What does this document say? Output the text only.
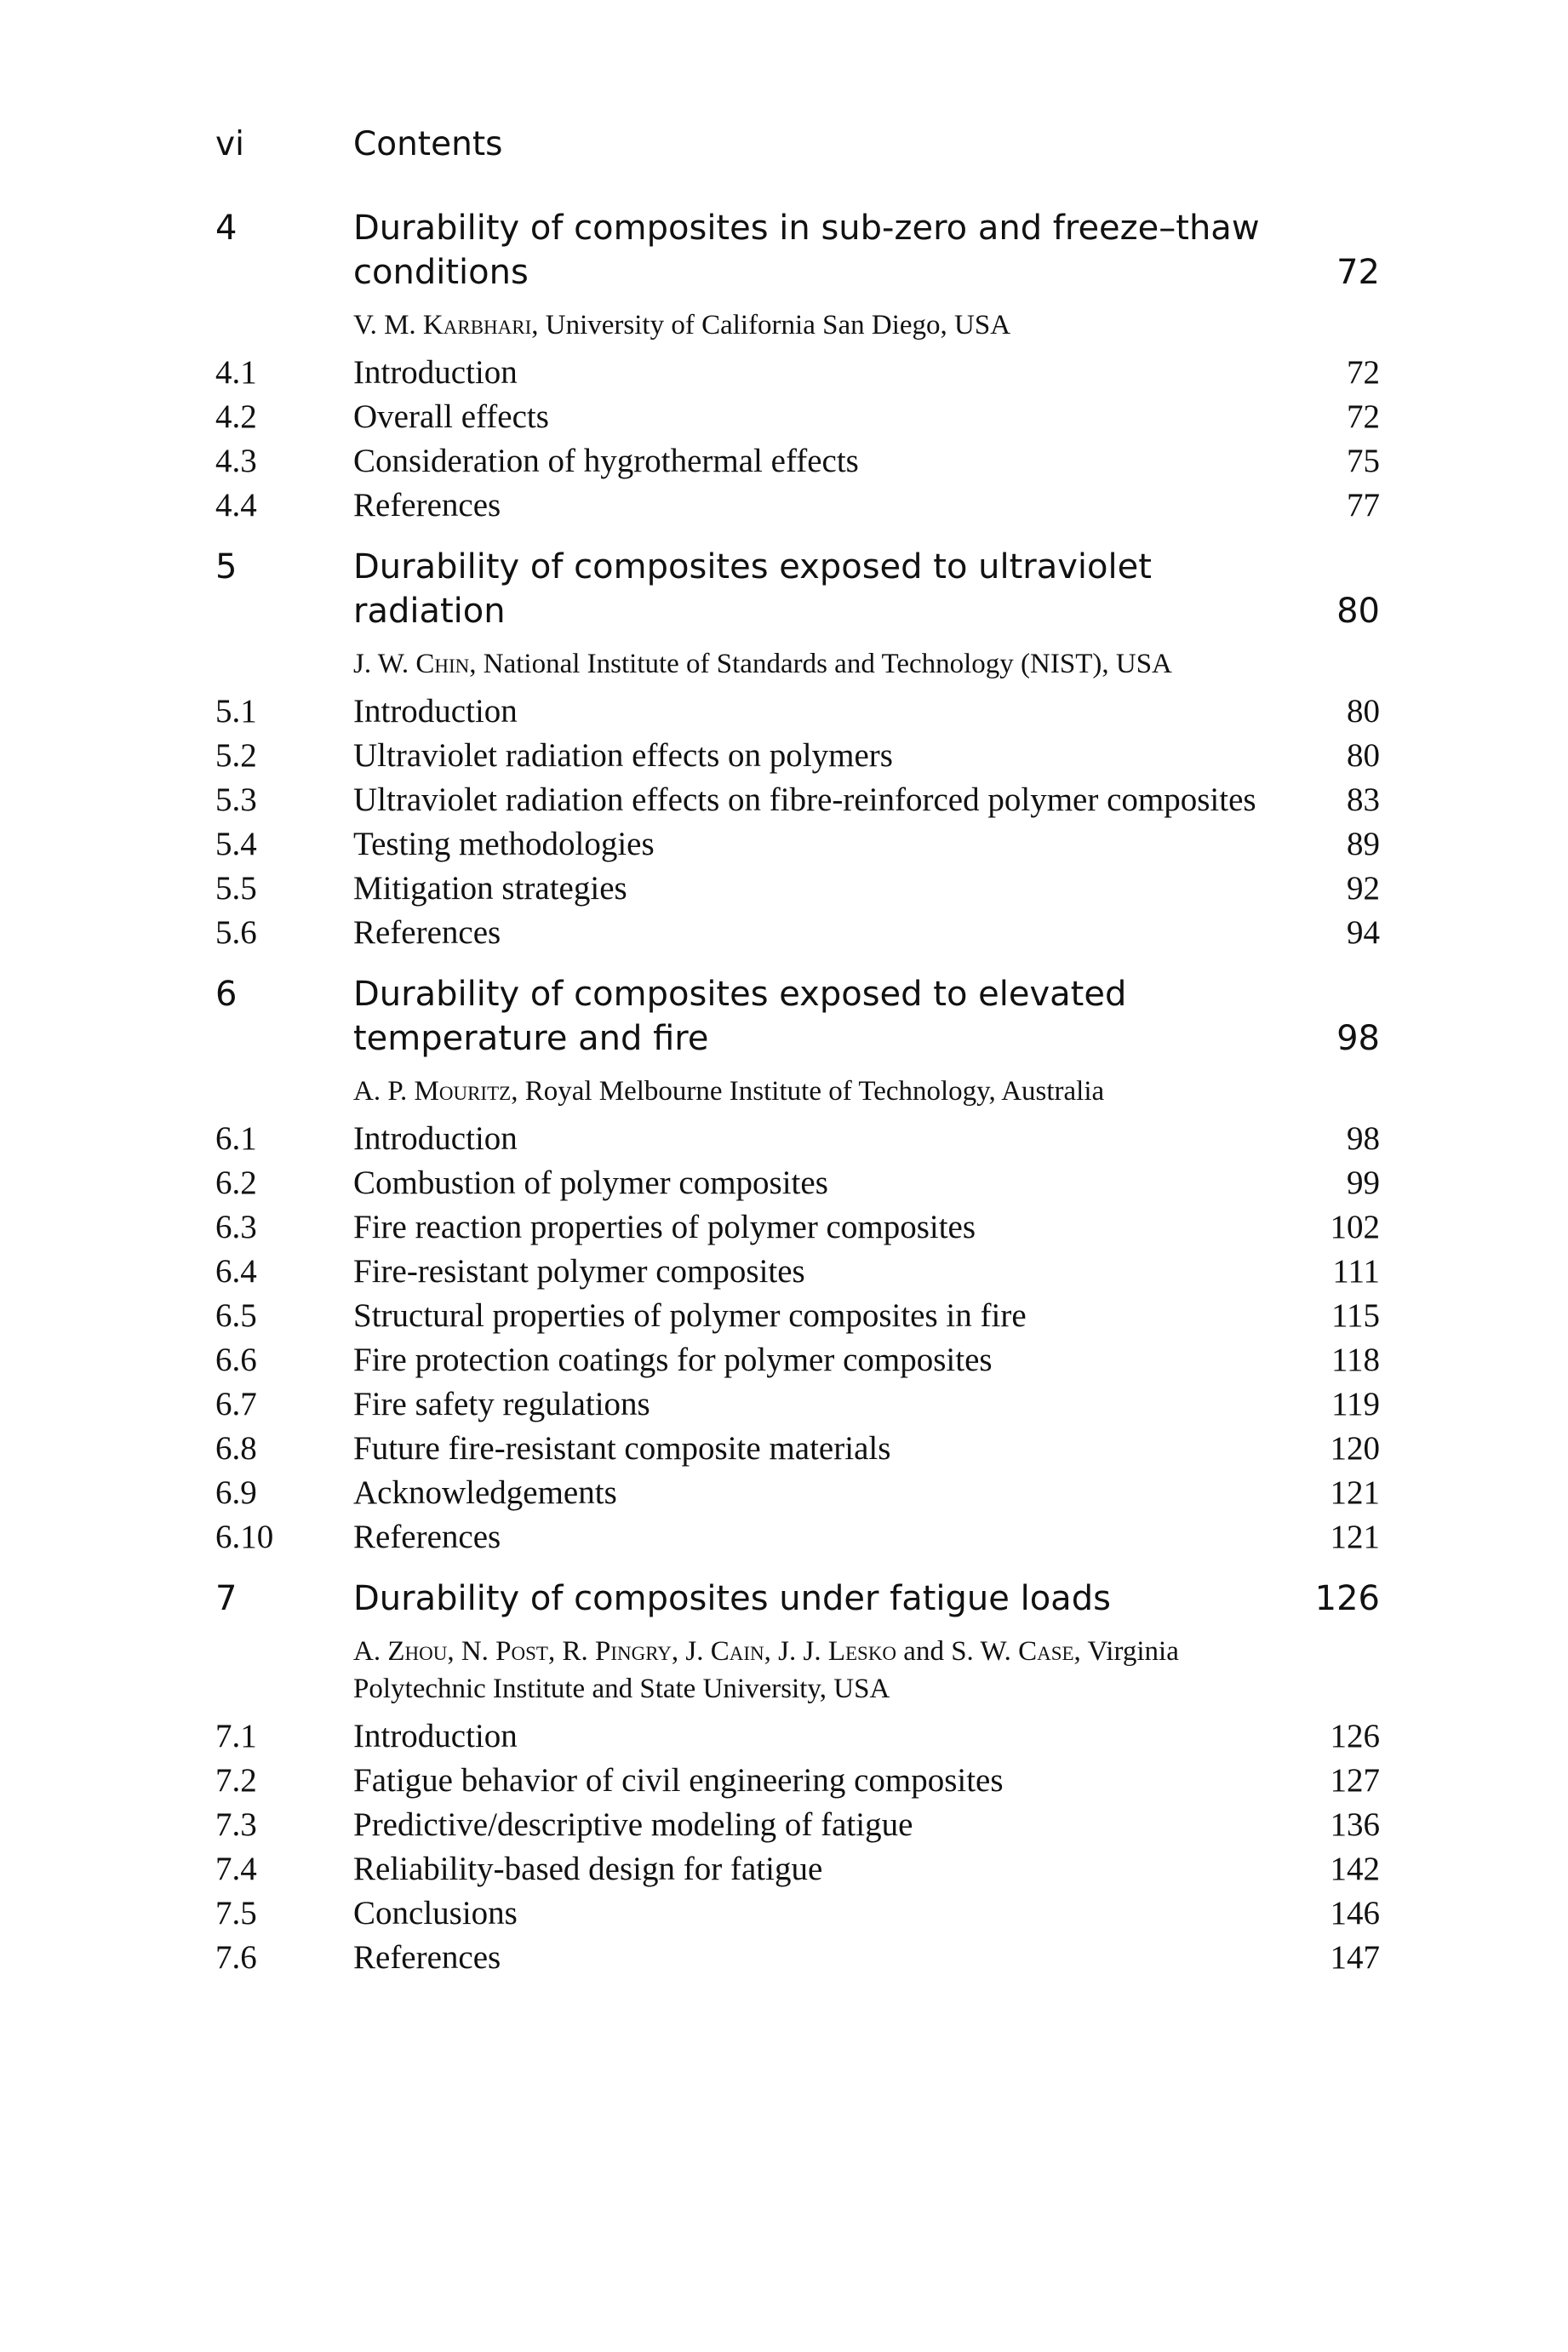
vi	Contents
4	Durability of composites in sub-zero and freeze–thaw conditions	72
V. M. Karbhari, University of California San Diego, USA
4.1	Introduction	72
4.2	Overall effects	72
4.3	Consideration of hygrothermal effects	75
4.4	References	77
5	Durability of composites exposed to ultraviolet radiation	80
J. W. Chin, National Institute of Standards and Technology (NIST), USA
5.1	Introduction	80
5.2	Ultraviolet radiation effects on polymers	80
5.3	Ultraviolet radiation effects on fibre-reinforced polymer composites	83
5.4	Testing methodologies	89
5.5	Mitigation strategies	92
5.6	References	94
6	Durability of composites exposed to elevated temperature and fire	98
A. P. Mouritz, Royal Melbourne Institute of Technology, Australia
6.1	Introduction	98
6.2	Combustion of polymer composites	99
6.3	Fire reaction properties of polymer composites	102
6.4	Fire-resistant polymer composites	111
6.5	Structural properties of polymer composites in fire	115
6.6	Fire protection coatings for polymer composites	118
6.7	Fire safety regulations	119
6.8	Future fire-resistant composite materials	120
6.9	Acknowledgements	121
6.10 References	121
7	Durability of composites under fatigue loads	126
A. Zhou, N. Post, R. Pingry, J. Cain, J. J. Lesko and S. W. Case, Virginia Polytechnic Institute and State University, USA
7.1	Introduction	126
7.2	Fatigue behavior of civil engineering composites	127
7.3	Predictive/descriptive modeling of fatigue	136
7.4	Reliability-based design for fatigue	142
7.5	Conclusions	146
7.6	References	147
